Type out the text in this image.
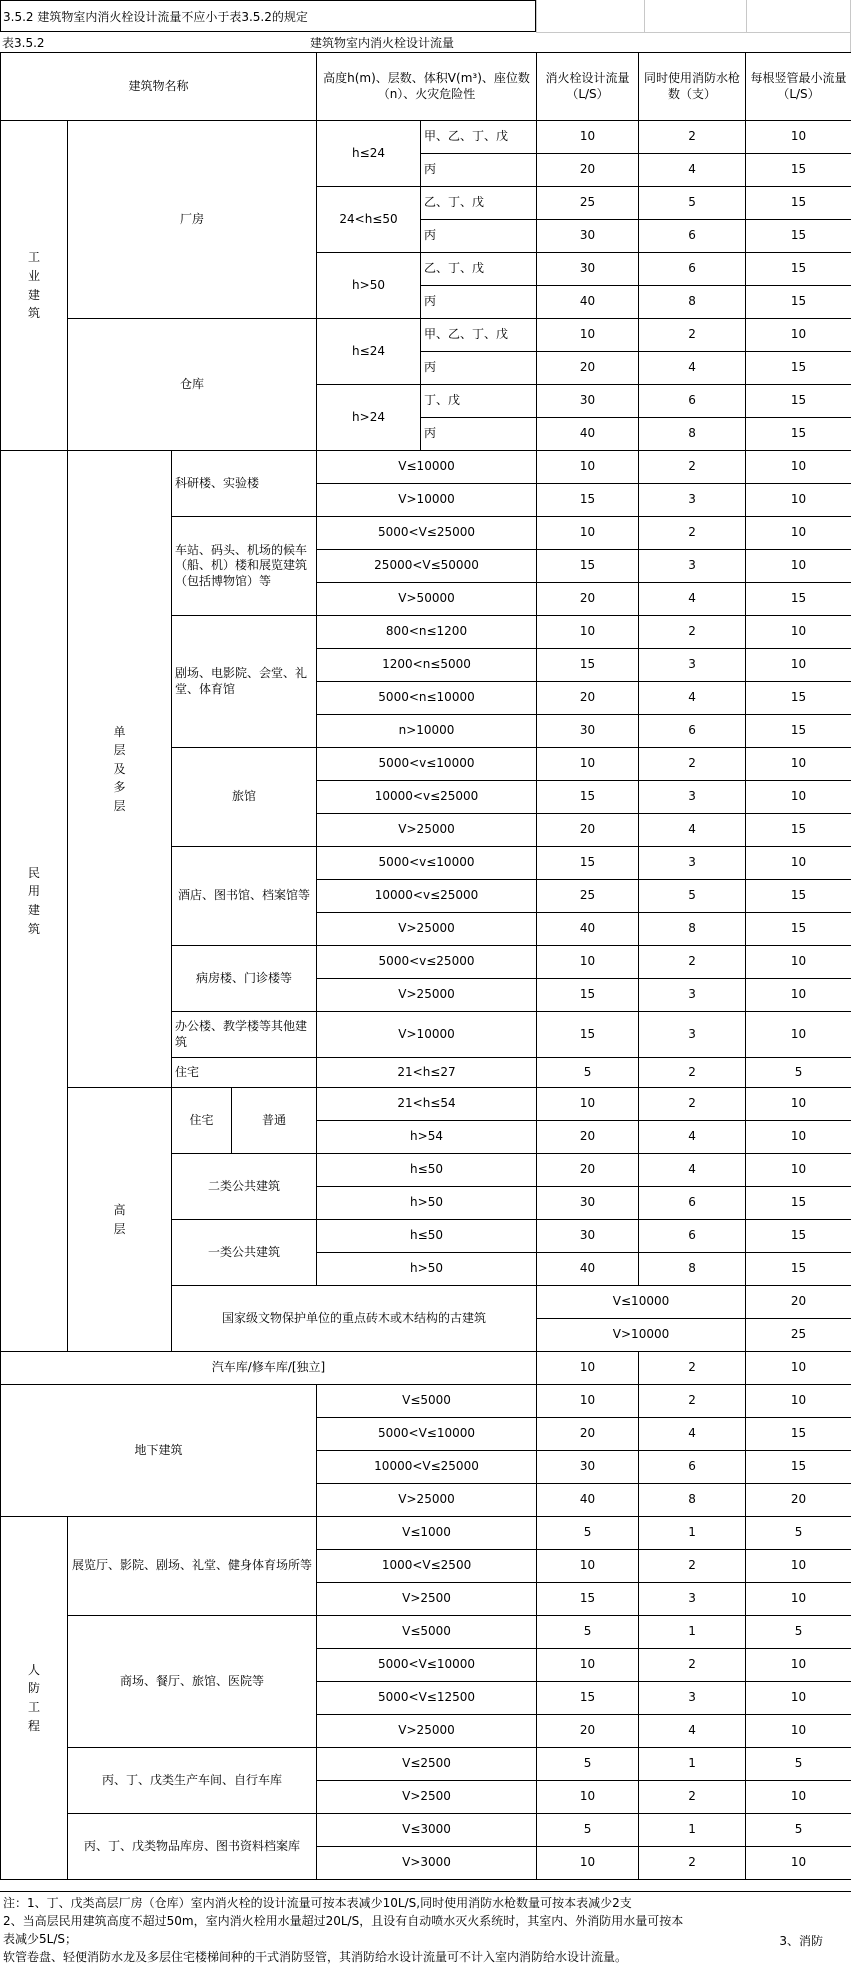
3.5.2 建筑物室内消火栓设计流量不应小于表3.5.2的规定
表3.5.2	建筑物室内消火栓设计流量
建筑物名称				高度h(m)、层数、体积V(m³)、座位数（n）、火灾危险性		消火栓设计流量（L/S）	同时使用消防水枪数（支）	每根竖管最小流量（L/S）	
工业建筑	厂房			h≤24	甲、乙、丁、戊	10	2	10	
					丙	20	4	15	
				24<h≤50	乙、丁、戊	25	5	15	
					丙	30	6	15	
				h>50	乙、丁、戊	30	6	15	
					丙	40	8	15	
	仓库			h≤24	甲、乙、丁、戊	10	2	10	
					丙	20	4	15	
				h>24	丁、戊	30	6	15	
					丙	40	8	15	
民用建筑	单层及多层	科研楼、实验楼		V≤10000		10	2	10	
				V>10000		15	3	10	
		车站、码头、机场的候车（船、机）楼和展览建筑（包括博物馆）等		5000<V≤25000		10	2	10	
				25000<V≤50000		15	3	10	
				V>50000		20	4	15	
		剧场、电影院、会堂、礼堂、体育馆		800<n≤1200		10	2	10	
				1200<n≤5000		15	3	10	
				5000<n≤10000		20	4	15	
				n>10000		30	6	15	
		旅馆		5000<v≤10000		10	2	10	
				10000<v≤25000		15	3	10	
				V>25000		20	4	15	
		酒店、图书馆、档案馆等		5000<v≤10000		15	3	10	
				10000<v≤25000		25	5	15	
				V>25000		40	8	15	
		病房楼、门诊楼等		5000<v≤25000		10	2	10	
				V>25000		15	3	10	
		办公楼、教学楼等其他建筑		V>10000		15	3	10	
		住宅		21<h≤27		5	2	5	
	高层	住宅	普通	21<h≤54		10	2	10	
				h>54		20	4	10	
		二类公共建筑		h≤50		20	4	10	
				h>50		30	6	15	
		一类公共建筑		h≤50		30	6	15	
				h>50		40	8	15	
		国家级文物保护单位的重点砖木或木结构的古建筑				V≤10000		20		
						V>10000		25		
汽车库/修车库/[独立]						10	2	10	
地下建筑				V≤5000		10	2	10	
				5000<V≤10000		20	4	15	
				10000<V≤25000		30	6	15	
				V>25000		40	8	20	
人防工程	展览厅、影院、剧场、礼堂、健身体育场所等			V≤1000		5	1	5	
				1000<V≤2500		10	2	10	
				V>2500		15	3	10	
	商场、餐厅、旅馆、医院等			V≤5000		5	1	5	
				5000<V≤10000		10	2	10	
				5000<V≤12500		15	3	10	
				V>25000		20	4	10	
	丙、丁、戊类生产车间、自行车库			V≤2500		5	1	5	
				V>2500		10	2	10	
	丙、丁、戊类物品库房、图书资料档案库			V≤3000		5	1	5	
				V>3000		10	2	10	
注：1、丁、戊类高层厂房（仓库）室内消火栓的设计流量可按本表减少10L/S,同时使用消防水枪数量可按本表减少2支
2、当高层民用建筑高度不超过50m，室内消火栓用水量超过20L/S，且设有自动喷水灭火系统时，其室内、外消防用水量可按本
表减少5L/S；	3、消防
软管卷盘、轻便消防水龙及多层住宅楼梯间种的干式消防竖管，其消防给水设计流量可不计入室内消防给水设计流量。
